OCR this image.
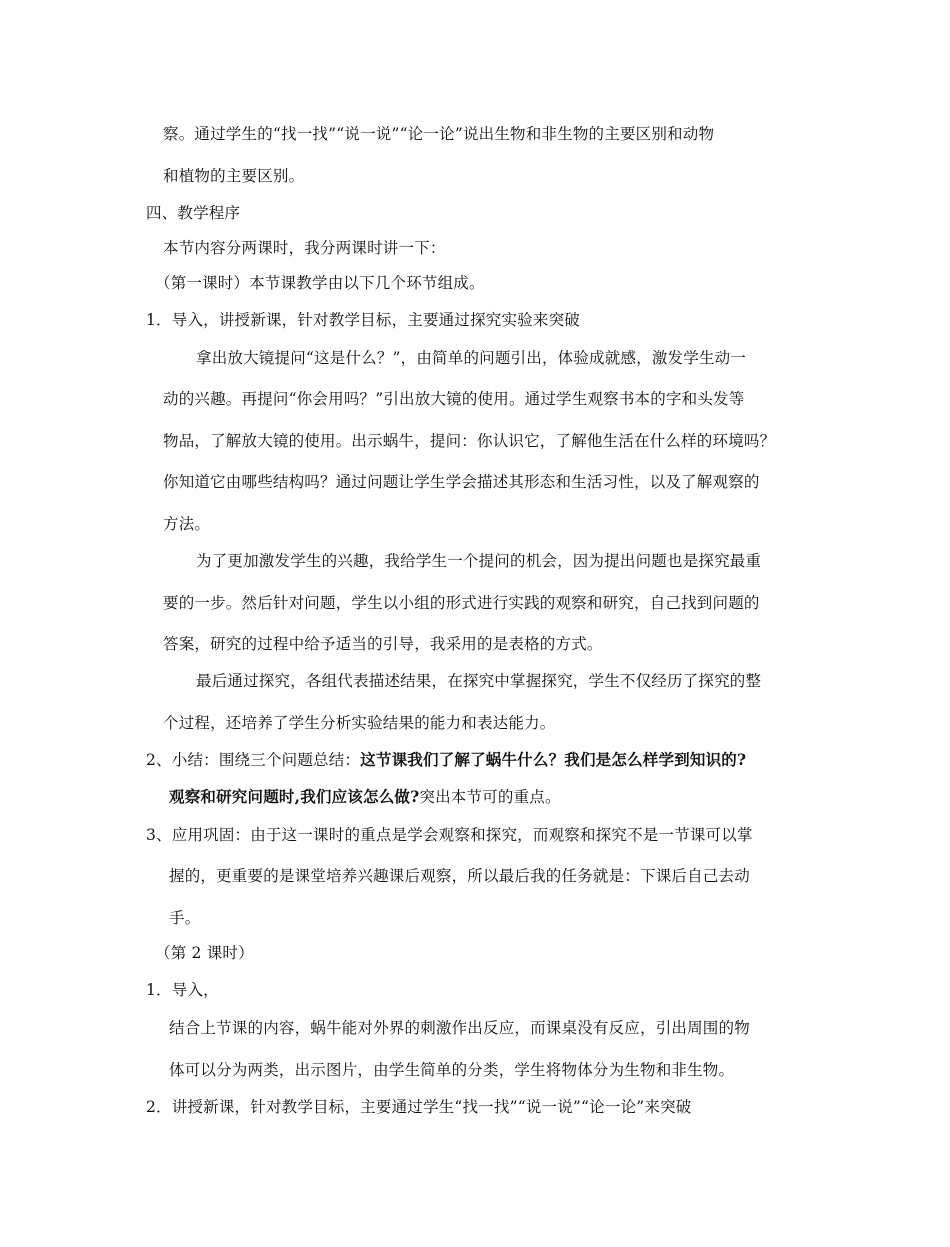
察。通过学生的“找一找”“说一说”“论一论”说出生物和非生物的主要区别和动物
和植物的主要区别。
四、教学程序
本节内容分两课时，我分两课时讲一下：
（第一课时）本节课教学由以下几个环节组成。
1．导入，讲授新课，针对教学目标，主要通过探究实验来突破
拿出放大镜提问“这是什么？”，由简单的问题引出，体验成就感，激发学生动一
动的兴趣。再提问“你会用吗？”引出放大镜的使用。通过学生观察书本的字和头发等
物品，了解放大镜的使用。出示蜗牛，提问：你认识它，了解他生活在什么样的环境吗？
你知道它由哪些结构吗？通过问题让学生学会描述其形态和生活习性，以及了解观察的
方法。
为了更加激发学生的兴趣，我给学生一个提问的机会，因为提出问题也是探究最重
要的一步。然后针对问题，学生以小组的形式进行实践的观察和研究，自己找到问题的
答案，研究的过程中给予适当的引导，我采用的是表格的方式。
最后通过探究，各组代表描述结果，在探究中掌握探究，学生不仅经历了探究的整
个过程，还培养了学生分析实验结果的能力和表达能力。
2、小结：围绕三个问题总结：这节课我们了解了蜗牛什么？我们是怎么样学到知识的?
观察和研究问题时,我们应该怎么做?突出本节可的重点。
3、应用巩固：由于这一课时的重点是学会观察和探究，而观察和探究不是一节课可以掌
握的，更重要的是课堂培养兴趣课后观察，所以最后我的任务就是：下课后自己去动
手。
（第 2 课时）
1．导入，
结合上节课的内容，蜗牛能对外界的刺激作出反应，而课桌没有反应，引出周围的物
体可以分为两类，出示图片，由学生简单的分类，学生将物体分为生物和非生物。
2．讲授新课，针对教学目标，主要通过学生“找一找”“说一说”“论一论”来突破
